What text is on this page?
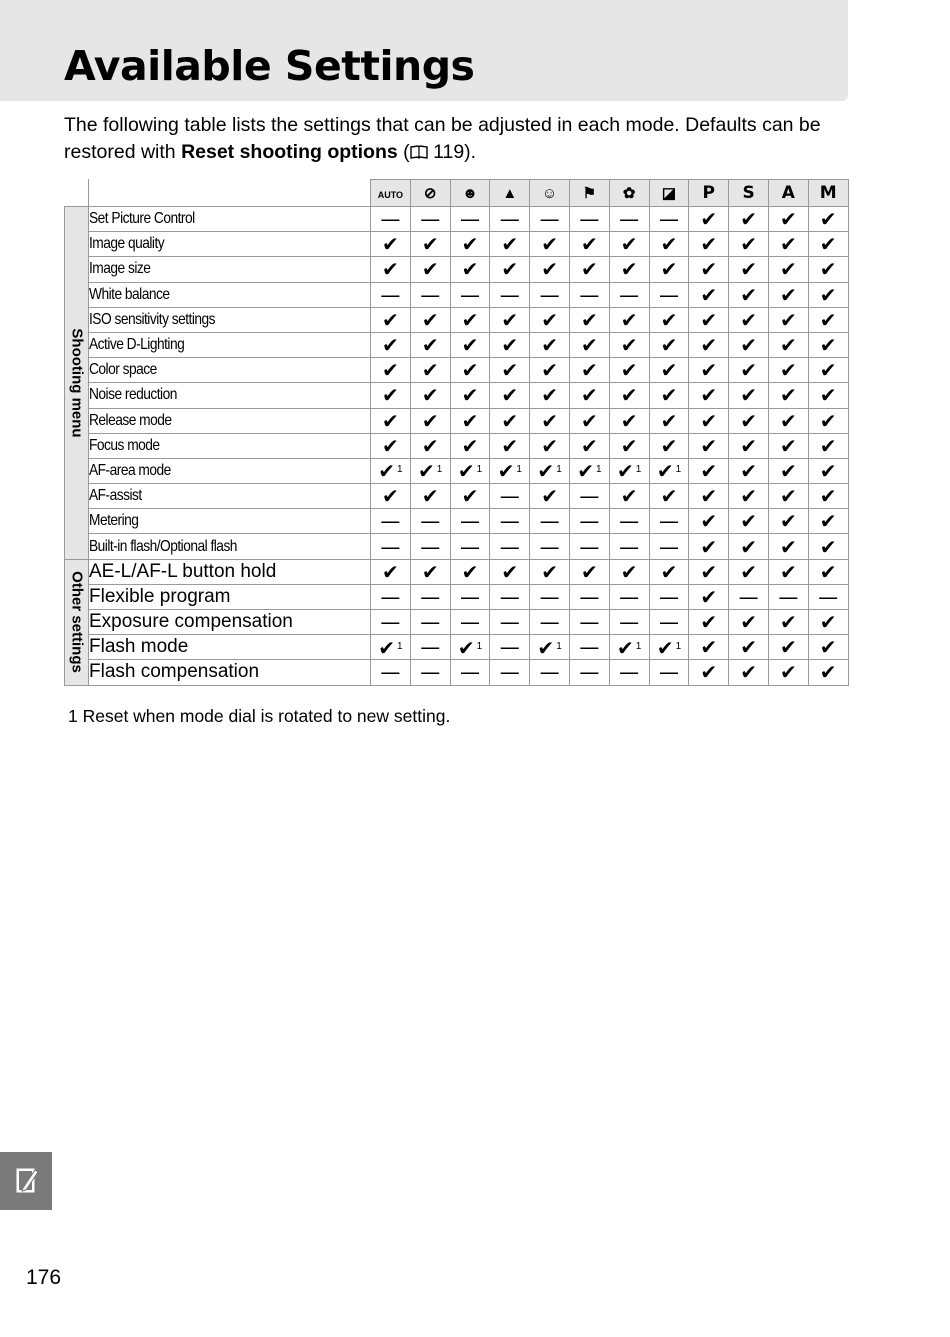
Available Settings

The following table lists the settings that can be adjusted in each mode. Defaults can be restored with Reset shooting options ( 119).

		AUTO	⊘	☻	▲	☺	⚑	✿	◪	P	S	A	M

Shooting menu	Set Picture Control	—	—	—	—	—	—	—	—	✔	✔	✔	✔
	Image quality	✔	✔	✔	✔	✔	✔	✔	✔	✔	✔	✔	✔
	Image size	✔	✔	✔	✔	✔	✔	✔	✔	✔	✔	✔	✔
	White balance	—	—	—	—	—	—	—	—	✔	✔	✔	✔
	ISO sensitivity settings	✔	✔	✔	✔	✔	✔	✔	✔	✔	✔	✔	✔
	Active D-Lighting	✔	✔	✔	✔	✔	✔	✔	✔	✔	✔	✔	✔
	Color space	✔	✔	✔	✔	✔	✔	✔	✔	✔	✔	✔	✔
	Noise reduction	✔	✔	✔	✔	✔	✔	✔	✔	✔	✔	✔	✔
	Release mode	✔	✔	✔	✔	✔	✔	✔	✔	✔	✔	✔	✔
	Focus mode	✔	✔	✔	✔	✔	✔	✔	✔	✔	✔	✔	✔
	AF-area mode	✔ $^1$	✔ $^1$	✔ $^1$	✔ $^1$	✔ $^1$	✔ $^1$	✔ $^1$	✔ $^1$	✔	✔	✔	✔
	AF-assist	✔	✔	✔	—	✔	—	✔	✔	✔	✔	✔	✔
	Metering	—	—	—	—	—	—	—	—	✔	✔	✔	✔
	Built-in flash/Optional flash	—	—	—	—	—	—	—	—	✔	✔	✔	✔

Other settings	AE-L/AF-L button hold	✔	✔	✔	✔	✔	✔	✔	✔	✔	✔	✔	✔
	Flexible program	—	—	—	—	—	—	—	—	✔	—	—	—
	Exposure compensation	—	—	—	—	—	—	—	—	✔	✔	✔	✔
	Flash mode	✔ $^1$	—	✔ $^1$	—	✔ $^1$	—	✔ $^1$	✔ $^1$	✔	✔	✔	✔
	Flash compensation	—	—	—	—	—	—	—	—	✔	✔	✔	✔
1 Reset when mode dial is rotated to new setting.
176
